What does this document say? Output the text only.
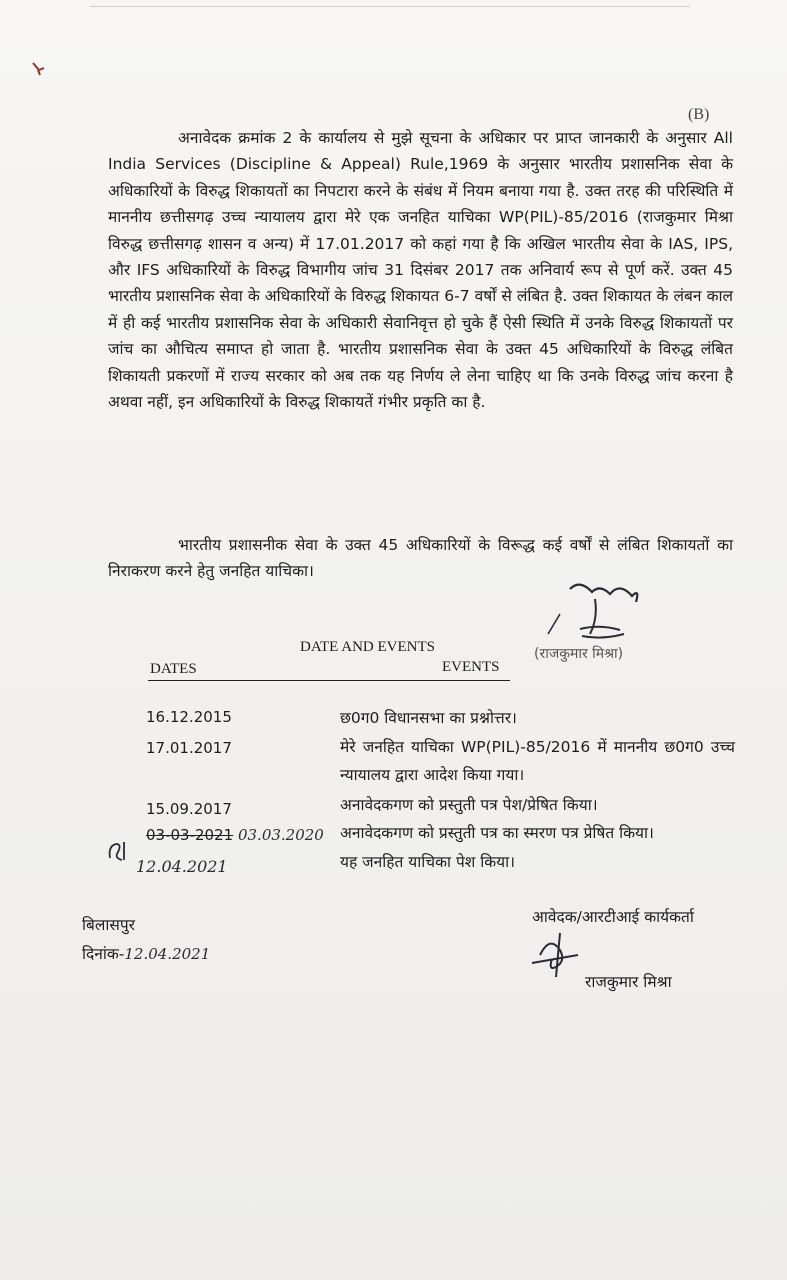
(B)
अनावेदक क्रमांक 2 के कार्यालय से मुझे सूचना के अधिकार पर प्राप्त जानकारी के अनुसार All India Services (Discipline & Appeal) Rule,1969 के अनुसार भारतीय प्रशासनिक सेवा के अधिकारियों के विरुद्ध शिकायतों का निपटारा करने के संबंध में नियम बनाया गया है. उक्त तरह की परिस्थिति में माननीय छत्तीसगढ़ उच्च न्यायालय द्वारा मेरे एक जनहित याचिका WP(PIL)-85/2016 (राजकुमार मिश्रा विरुद्ध छत्तीसगढ़ शासन व अन्य) में 17.01.2017 को कहां गया है कि अखिल भारतीय सेवा के IAS, IPS, और IFS अधिकारियों के विरुद्ध विभागीय जांच 31 दिसंबर 2017 तक अनिवार्य रूप से पूर्ण करें. उक्त 45 भारतीय प्रशासनिक सेवा के अधिकारियों के विरुद्ध शिकायत 6-7 वर्षों से लंबित है. उक्त शिकायत के लंबन काल में ही कई भारतीय प्रशासनिक सेवा के अधिकारी सेवानिवृत्त हो चुके हैं ऐसी स्थिति में उनके विरुद्ध शिकायतों पर जांच का औचित्य समाप्त हो जाता है. भारतीय प्रशासनिक सेवा के उक्त 45 अधिकारियों के विरुद्ध लंबित शिकायती प्रकरणों में राज्य सरकार को अब तक यह निर्णय ले लेना चाहिए था कि उनके विरुद्ध जांच करना है अथवा नहीं, इन अधिकारियों के विरुद्ध शिकायतें गंभीर प्रकृति का है.
भारतीय प्रशासनीक सेवा के उक्त 45 अधिकारियों के विरूद्ध कई वर्षों से लंबित शिकायतों का निराकरण करने हेतु जनहित याचिका।
(राजकुमार मिश्रा)
DATE AND EVENTS
DATES	EVENTS
16.12.2015	छ0ग0 विधानसभा का प्रश्नोत्तर।
17.01.2017	मेरे जनहित याचिका WP(PIL)-85/2016 में माननीय छ0ग0 उच्च न्यायालय द्वारा आदेश किया गया।
15.09.2017	अनावेदकगण को प्रस्तुती पत्र पेश/प्रेषित किया।
03-03-2021 03.03.2020 अनावेदकगण को प्रस्तुती पत्र का स्मरण पत्र प्रेषित किया।
12.04.2021	यह जनहित याचिका पेश किया।
बिलासपुर
दिनांक-12.04.2021
आवेदक/आरटीआई कार्यकर्ता
राजकुमार मिश्रा
